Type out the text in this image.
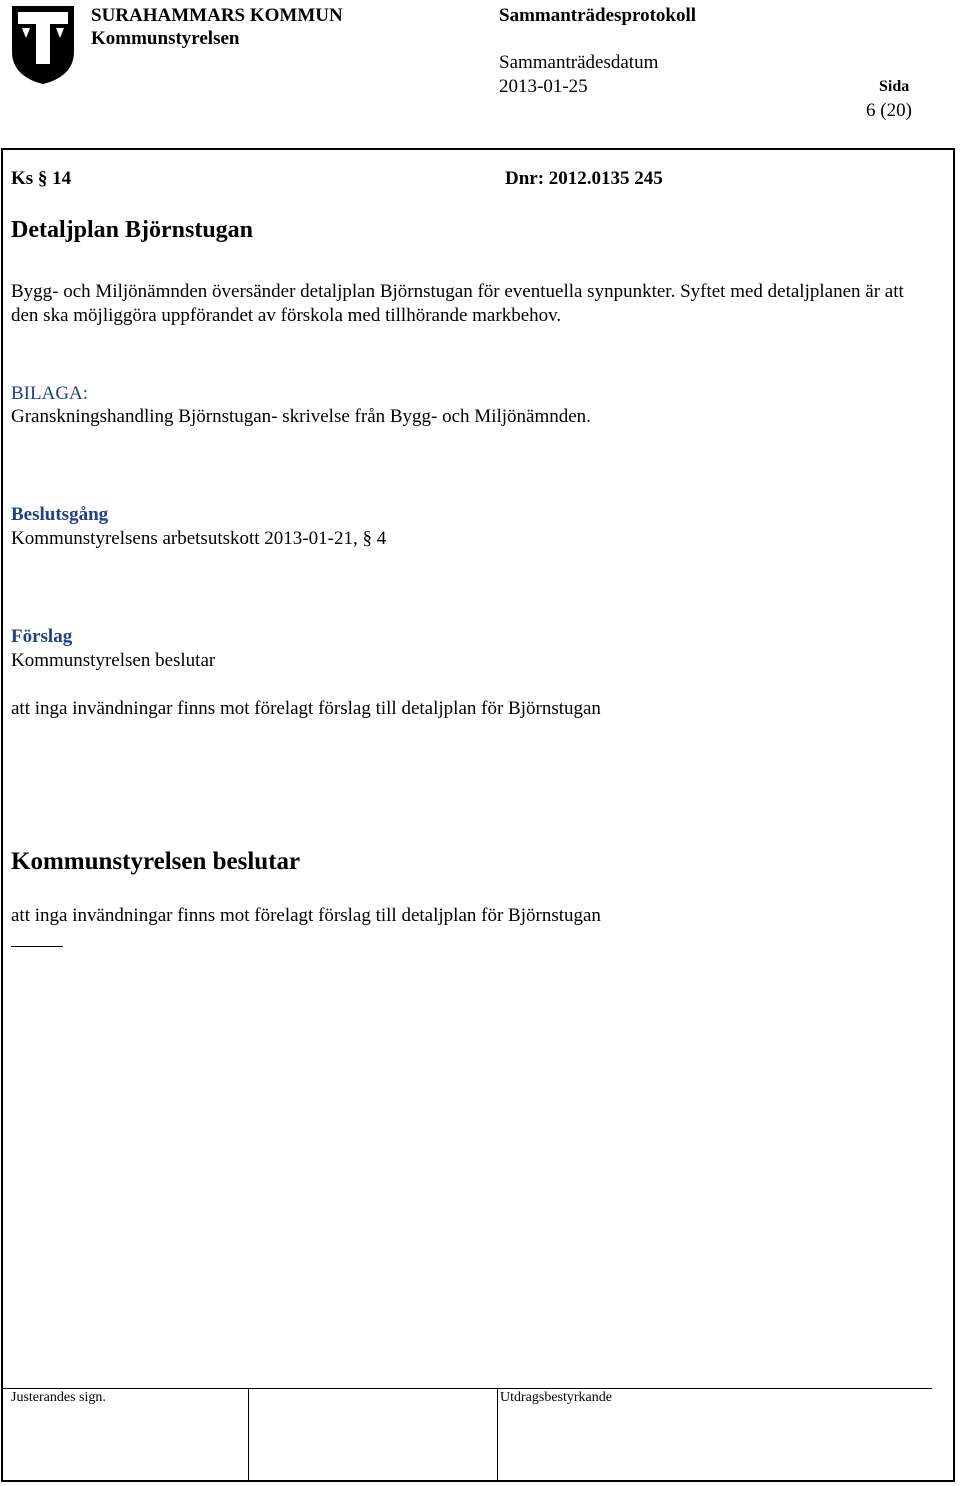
SURAHAMMARS KOMMUN
Kommunstyrelsen
Sammanträdesprotokoll
Sammanträdesdatum
2013-01-25	Sida
6 (20)
Ks § 14	Dnr: 2012.0135 245
Detaljplan Björnstugan
Bygg- och Miljönämnden översänder detaljplan Björnstugan för eventuella synpunkter. Syftet med detaljplanen är att den ska möjliggöra uppförandet av förskola med tillhörande markbehov.
BILAGA:
Granskningshandling Björnstugan- skrivelse från Bygg- och Miljönämnden.
Beslutsgång
Kommunstyrelsens arbetsutskott 2013-01-21, § 4
Förslag
Kommunstyrelsen beslutar
att inga invändningar finns mot förelagt förslag till detaljplan för Björnstugan
Kommunstyrelsen beslutar
att inga invändningar finns mot förelagt förslag till detaljplan för Björnstugan
Justerandes sign.	Utdragsbestyrkande
